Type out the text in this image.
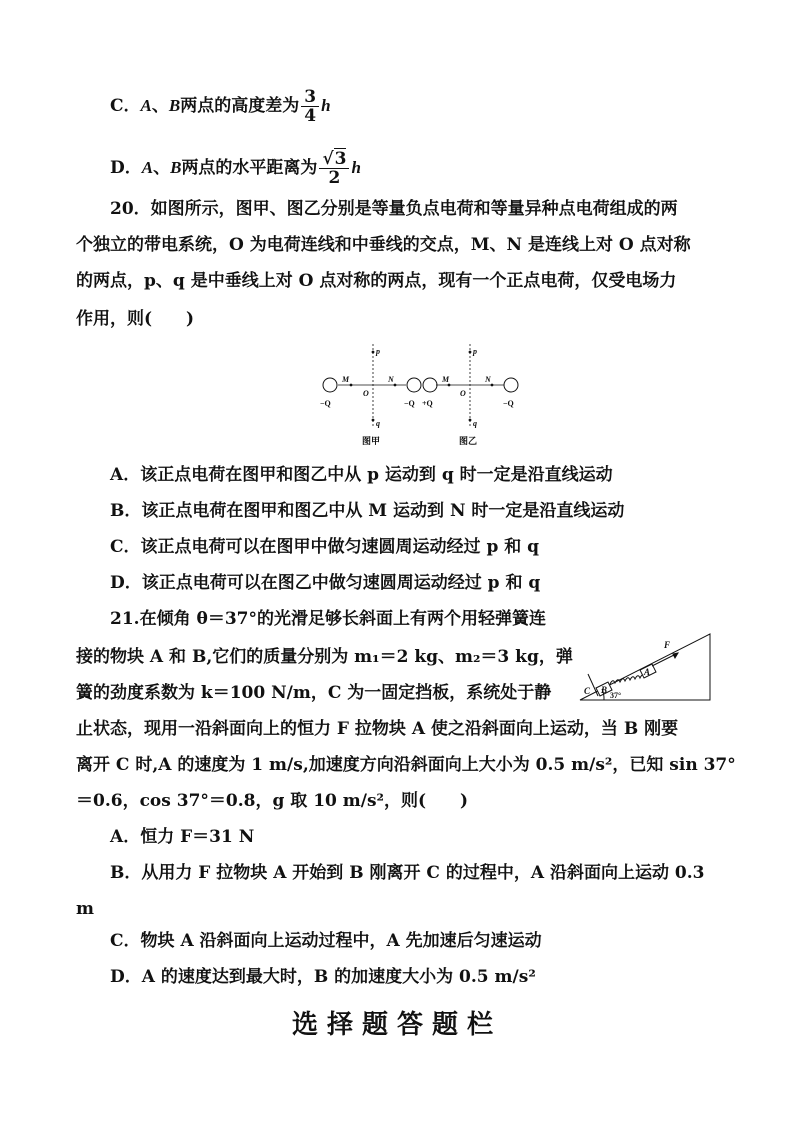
C．A、B两点的高度差为 $\frac{3}{4}$ h
D．A、B两点的水平距离为 $\frac{√3}{2}$ h
20．如图所示，图甲、图乙分别是等量负点电荷和等量异种点电荷组成的两
个独立的带电系统，O 为电荷连线和中垂线的交点，M、N 是连线上对 O 点对称
的两点，p、q 是中垂线上对 O 点对称的两点，现有一个正点电荷，仅受电场力
作用，则(　　)
p
q
M	N
O
−Q	−Q
图甲
p
q
M	N
O
+Q	−Q
图乙
A．该正点电荷在图甲和图乙中从 p 运动到 q 时一定是沿直线运动
B．该正点电荷在图甲和图乙中从 M 运动到 N 时一定是沿直线运动
C．该正点电荷可以在图甲中做匀速圆周运动经过 p 和 q
D．该正点电荷可以在图乙中做匀速圆周运动经过 p 和 q
21.在倾角 θ＝37°的光滑足够长斜面上有两个用轻弹簧连
接的物块 A 和 B,它们的质量分别为 m₁＝2 kg、m₂＝3 kg，弹
簧的劲度系数为 k＝100 N/m，C 为一固定挡板，系统处于静
止状态，现用一沿斜面向上的恒力 F 拉物块 A 使之沿斜面向上运动，当 B 刚要
离开 C 时,A 的速度为 1 m/s,加速度方向沿斜面向上大小为 0.5 m/s²，已知 sin 37°
＝0.6，cos 37°＝0.8，g 取 10 m/s²，则(　　)
F
A
B
C 37°
A．恒力 F＝31 N
B．从用力 F 拉物块 A 开始到 B 刚离开 C 的过程中，A 沿斜面向上运动 0.3
m
C．物块 A 沿斜面向上运动过程中，A 先加速后匀速运动
D．A 的速度达到最大时，B 的加速度大小为 0.5 m/s²
选择题答题栏
